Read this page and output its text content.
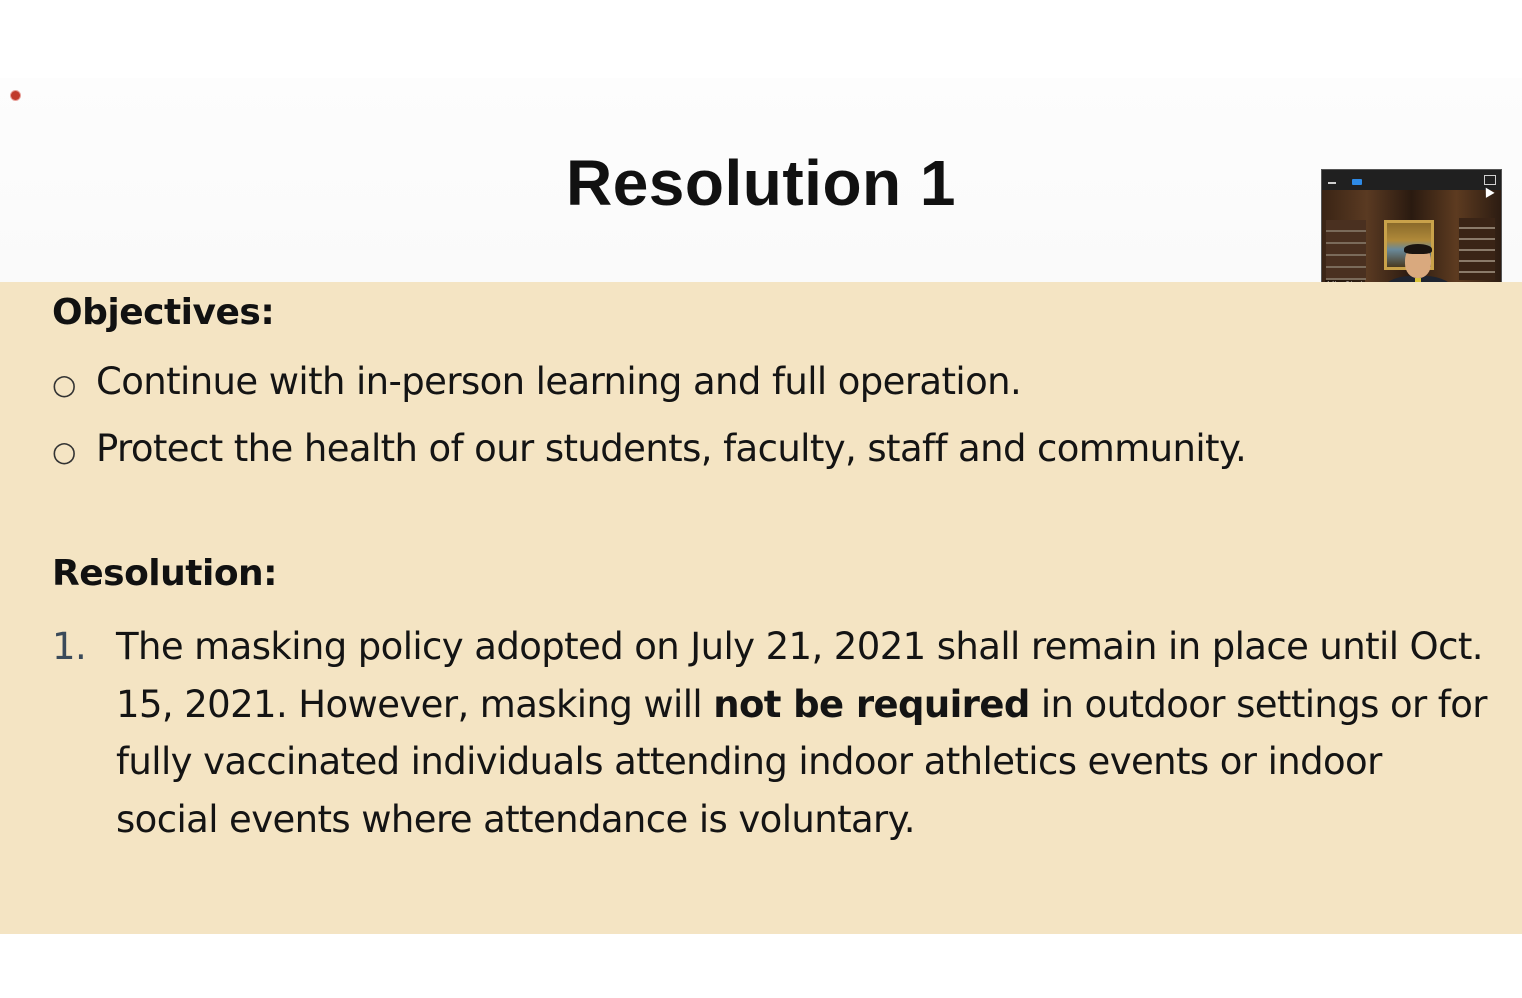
Resolution 1
Objectives:
○ Continue with in-person learning and full operation.
○ Protect the health of our students, faculty, staff and community.
Resolution:
1. The masking policy adopted on July 21, 2021 shall remain in place until Oct. 15, 2021. However, masking will not be required in outdoor settings or for fully vaccinated individuals attending indoor athletics events or indoor social events where attendance is voluntary.
